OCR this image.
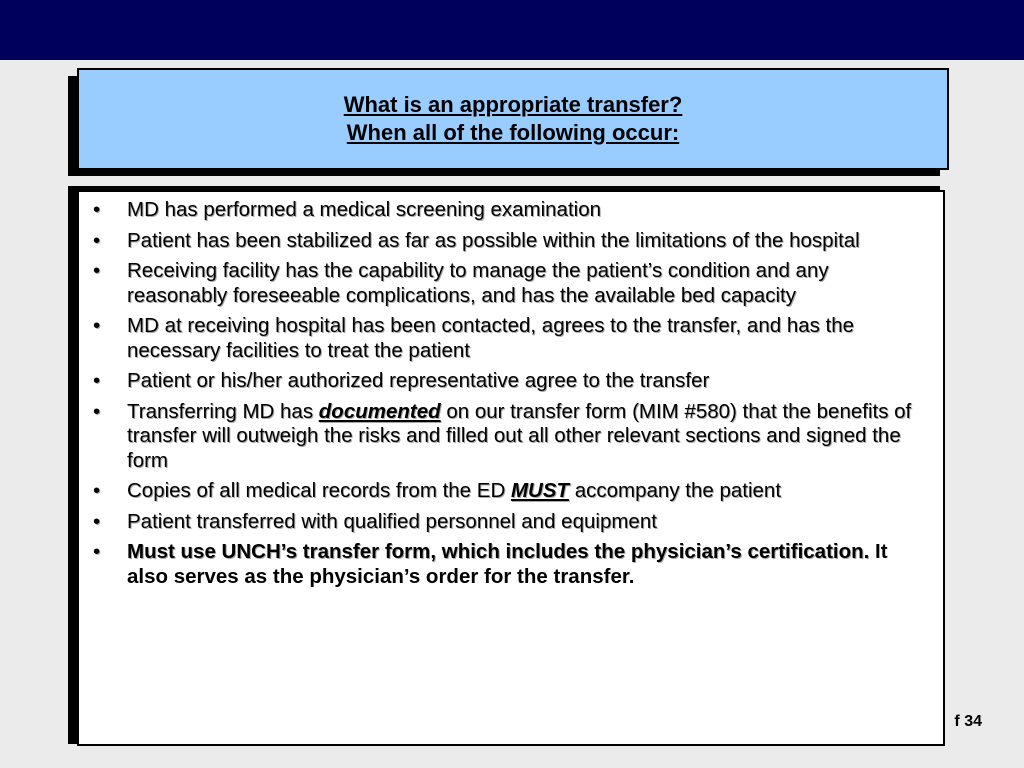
What is an appropriate transfer?
When all of the following occur:
• MD has performed a medical screening examination
• Patient has been stabilized as far as possible within the limitations of the hospital
• Receiving facility has the capability to manage the patient’s condition and any reasonably foreseeable complications, and has the available bed capacity
• MD at receiving hospital has been contacted, agrees to the transfer, and has the necessary facilities to treat the patient
• Patient or his/her authorized representative agree to the transfer
• Transferring MD has documented on our transfer form (MIM #580) that the benefits of transfer will outweigh the risks and filled out all other relevant sections and signed the form
• Copies of all medical records from the ED MUST accompany the patient
• Patient transferred with qualified personnel and equipment
• Must use UNCH’s transfer form, which includes the physician’s certification. It also serves as the physician’s order for the transfer.
f 34
